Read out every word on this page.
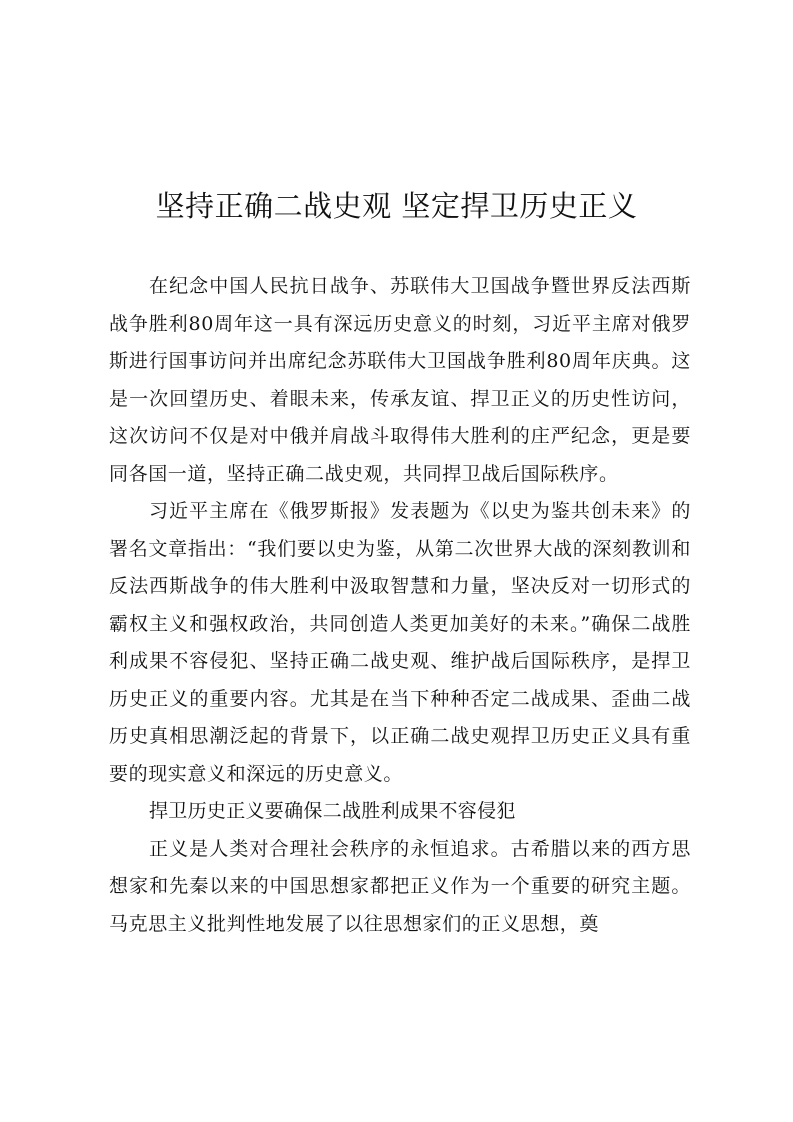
坚持正确二战史观 坚定捍卫历史正义

在纪念中国人民抗日战争、苏联伟大卫国战争暨世界反法西斯战争胜利80周年这一具有深远历史意义的时刻，习近平主席对俄罗斯进行国事访问并出席纪念苏联伟大卫国战争胜利80周年庆典。这是一次回望历史、着眼未来，传承友谊、捍卫正义的历史性访问，这次访问不仅是对中俄并肩战斗取得伟大胜利的庄严纪念，更是要同各国一道，坚持正确二战史观，共同捍卫战后国际秩序。

习近平主席在《俄罗斯报》发表题为《以史为鉴共创未来》的署名文章指出：“我们要以史为鉴，从第二次世界大战的深刻教训和反法西斯战争的伟大胜利中汲取智慧和力量，坚决反对一切形式的霸权主义和强权政治，共同创造人类更加美好的未来。”确保二战胜利成果不容侵犯、坚持正确二战史观、维护战后国际秩序，是捍卫历史正义的重要内容。尤其是在当下种种否定二战成果、歪曲二战历史真相思潮泛起的背景下，以正确二战史观捍卫历史正义具有重要的现实意义和深远的历史意义。

捍卫历史正义要确保二战胜利成果不容侵犯

正义是人类对合理社会秩序的永恒追求。古希腊以来的西方思想家和先秦以来的中国思想家都把正义作为一个重要的研究主题。马克思主义批判性地发展了以往思想家们的正义思想，奠
